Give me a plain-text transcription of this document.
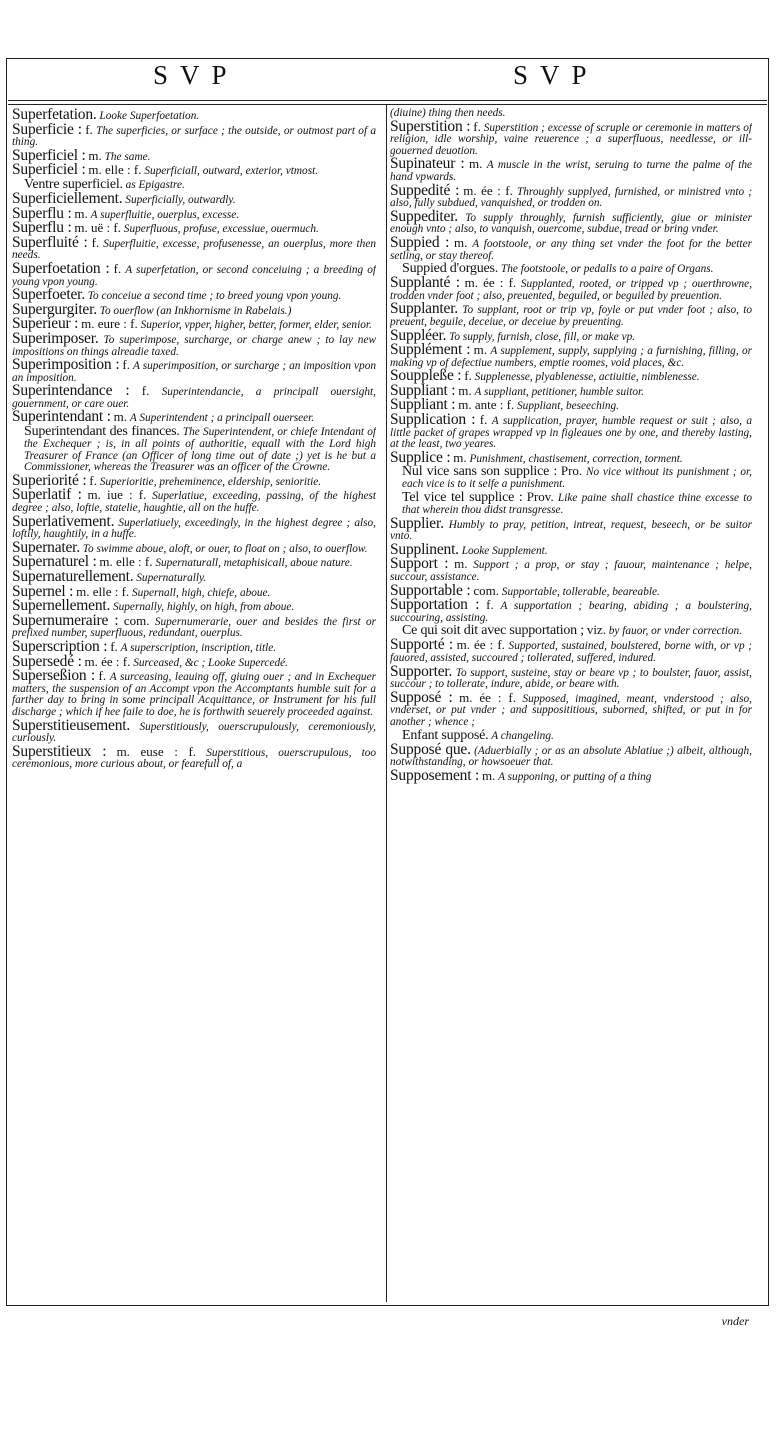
SVP	SVP

Superfetation. Looke Superfoetation.

Superficie : f. The superficies, or surface ; the outside, or outmost part of a thing.

Superficiel : m. The same.

Superficiel : m. elle : f. Superficiall, outward, exterior, vtmost.

Ventre superficiel. as Epigastre.

Superficiellement. Superficially, outwardly.

Superflu : m. A superfluitie, ouerplus, excesse.

Superflu : m. uë : f. Superfluous, profuse, excessiue, ouermuch.

Superfluité : f. Superfluitie, excesse, profusenesse, an ouerplus, more then needs.

Superfoetation : f. A superfetation, or second conceiuing ; a breeding of young vpon young.

Superfoeter. To conceiue a second time ; to breed young vpon young.

Supergurgiter. To ouerflow (an Inkhornisme in Rabelais.)

Superieur : m. eure : f. Superior, vpper, higher, better, former, elder, senior.

Superimposer. To superimpose, surcharge, or charge anew ; to lay new impositions on things alreadie taxed.

Superimposition : f. A superimposition, or surcharge ; an imposition vpon an imposition.

Superintendance : f. Superintendancie, a principall ouersight, gouernment, or care ouer.

Superintendant : m. A Superintendent ; a principall ouerseer.

Superintendant des finances. The Superintendent, or chiefe Intendant of the Exchequer ; is, in all points of authoritie, equall with the Lord high Treasurer of France (an Officer of long time out of date ;) yet is he but a Commissioner, whereas the Treasurer was an officer of the Crowne.

Superiorité : f. Superioritie, preheminence, eldership, senioritie.

Superlatif : m. iue : f. Superlatiue, exceeding, passing, of the highest degree ; also, loftie, statelie, haughtie, all on the huffe.

Superlativement. Superlatiuely, exceedingly, in the highest degree ; also, loftily, haughtily, in a huffe.

Supernater. To swimme aboue, aloft, or ouer, to float on ; also, to ouerflow.

Supernaturel : m. elle : f. Supernaturall, metaphisicall, aboue nature.

Supernaturellement. Supernaturally.

Supernel : m. elle : f. Supernall, high, chiefe, aboue.

Supernellement. Supernally, highly, on high, from aboue.

Supernumeraire : com. Supernumerarie, ouer and besides the first or prefixed number, superfluous, redundant, ouerplus.

Superscription : f. A superscription, inscription, title.

Supersedé : m. ée : f. Surceased, &c ; Looke Supercedé.

Superseßion : f. A surceasing, leauing off, giuing ouer ; and in Exchequer matters, the suspension of an Accompt vpon the Accomptants humble suit for a farther day to bring in some principall Acquittance, or Instrument for his full discharge ; which if hee faile to doe, he is forthwith seuerely proceeded against.

Superstitieusement. Superstitiously, ouerscrupulously, ceremoniously, curiously.

Superstitieux : m. euse : f. Superstitious, ouerscrupulous, too ceremonious, more curious about, or fearefull of, a

(diuine) thing then needs.

Superstition : f. Superstition ; excesse of scruple or ceremonie in matters of religion, idle worship, vaine reuerence ; a superfluous, needlesse, or ill-gouerned deuotion.

Supinateur : m. A muscle in the wrist, seruing to turne the palme of the hand vpwards.

Suppedité : m. ée : f. Throughly supplyed, furnished, or ministred vnto ; also, fully subdued, vanquished, or trodden on.

Suppediter. To supply throughly, furnish sufficiently, giue or minister enough vnto ; also, to vanquish, ouercome, subdue, tread or bring vnder.

Suppied : m. A footstoole, or any thing set vnder the foot for the better setling, or stay thereof.

Suppied d'orgues. The footstoole, or pedalls to a paire of Organs.

Supplanté : m. ée : f. Supplanted, rooted, or tripped vp ; ouerthrowne, trodden vnder foot ; also, preuented, beguiled, or beguiled by preuention.

Supplanter. To supplant, root or trip vp, foyle or put vnder foot ; also, to preuent, beguile, deceiue, or deceiue by preuenting.

Suppléer. To supply, furnish, close, fill, or make vp.

Supplément : m. A supplement, supply, supplying ; a furnishing, filling, or making vp of defectiue numbers, emptie roomes, void places, &c.

Souppleße : f. Supplenesse, plyablenesse, actiuitie, nimblenesse.

Suppliant : m. A suppliant, petitioner, humble suitor.

Suppliant : m. ante : f. Suppliant, beseeching.

Supplication : f. A supplication, prayer, humble request or suit ; also, a little packet of grapes wrapped vp in figleaues one by one, and thereby lasting, at the least, two yeares.

Supplice : m. Punishment, chastisement, correction, torment.

Nul vice sans son supplice : Pro. No vice without its punishment ; or, each vice is to it selfe a punishment.

Tel vice tel supplice : Prov. Like paine shall chastice thine excesse to that wherein thou didst transgresse.

Supplier. Humbly to pray, petition, intreat, request, beseech, or be suitor vnto.

Supplinent. Looke Supplement.

Support : m. Support ; a prop, or stay ; fauour, maintenance ; helpe, succour, assistance.

Supportable : com. Supportable, tollerable, beareable.

Supportation : f. A supportation ; bearing, abiding ; a boulstering, succouring, assisting.

Ce qui soit dit avec supportation ; viz. by fauor, or vnder correction.

Supporté : m. ée : f. Supported, sustained, boulstered, borne with, or vp ; fauored, assisted, succoured ; tollerated, suffered, indured.

Supporter. To support, susteine, stay or beare vp ; to boulster, fauor, assist, succour ; to tollerate, indure, abide, or beare with.

Supposé : m. ée : f. Supposed, imagined, meant, vnderstood ; also, vnderset, or put vnder ; and supposititious, suborned, shifted, or put in for another ; whence ;

Enfant supposé. A changeling.

Supposé que. (Aduerbially ; or as an absolute Ablatiue ;) albeit, although, notwithstanding, or howsoeuer that.

Supposement : m. A supponing, or putting of a thing

vnder
